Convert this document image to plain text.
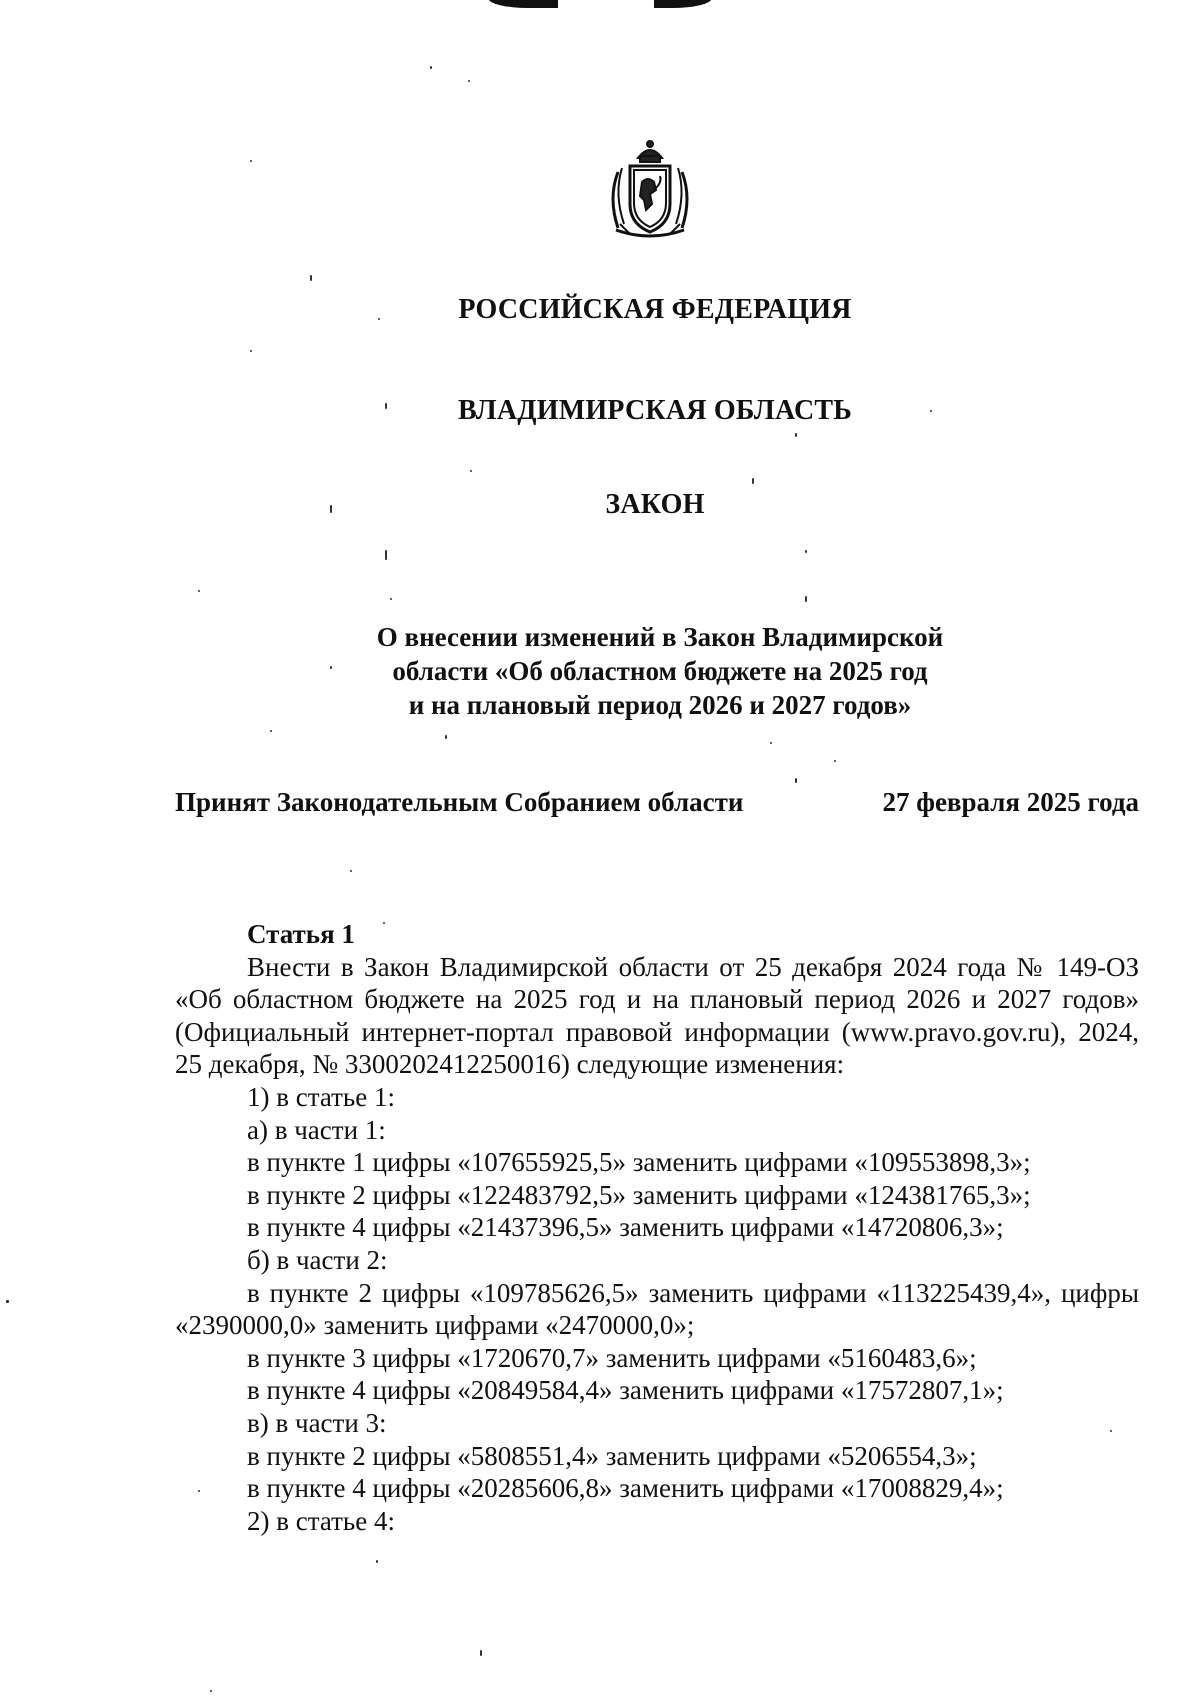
РОССИЙСКАЯ ФЕДЕРАЦИЯ
ВЛАДИМИРСКАЯ ОБЛАСТЬ
ЗАКОН
О внесении изменений в Закон Владимирской
области «Об областном бюджете на 2025 год
и на плановый период 2026 и 2027 годов»
Принят Законодательным Собранием области	27 февраля 2025 года
Статья 1

Внести в Закон Владимирской области от 25 декабря 2024 года № 149-ОЗ «Об областном бюджете на 2025 год и на плановый период 2026 и 2027 годов» (Официальный интернет-портал правовой информации (www.pravo.gov.ru), 2024, 25 декабря, № 3300202412250016) следующие изменения:

1) в статье 1:

а) в части 1:

в пункте 1 цифры «107655925,5» заменить цифрами «109553898,3»;

в пункте 2 цифры «122483792,5» заменить цифрами «124381765,3»;

в пункте 4 цифры «21437396,5» заменить цифрами «14720806,3»;

б) в части 2:

в пункте 2 цифры «109785626,5» заменить цифрами «113225439,4», цифры «2390000,0» заменить цифрами «2470000,0»;

в пункте 3 цифры «1720670,7» заменить цифрами «5160483,6»;

в пункте 4 цифры «20849584,4» заменить цифрами «17572807,1»;

в) в части 3:

в пункте 2 цифры «5808551,4» заменить цифрами «5206554,3»;

в пункте 4 цифры «20285606,8» заменить цифрами «17008829,4»;

2) в статье 4:
